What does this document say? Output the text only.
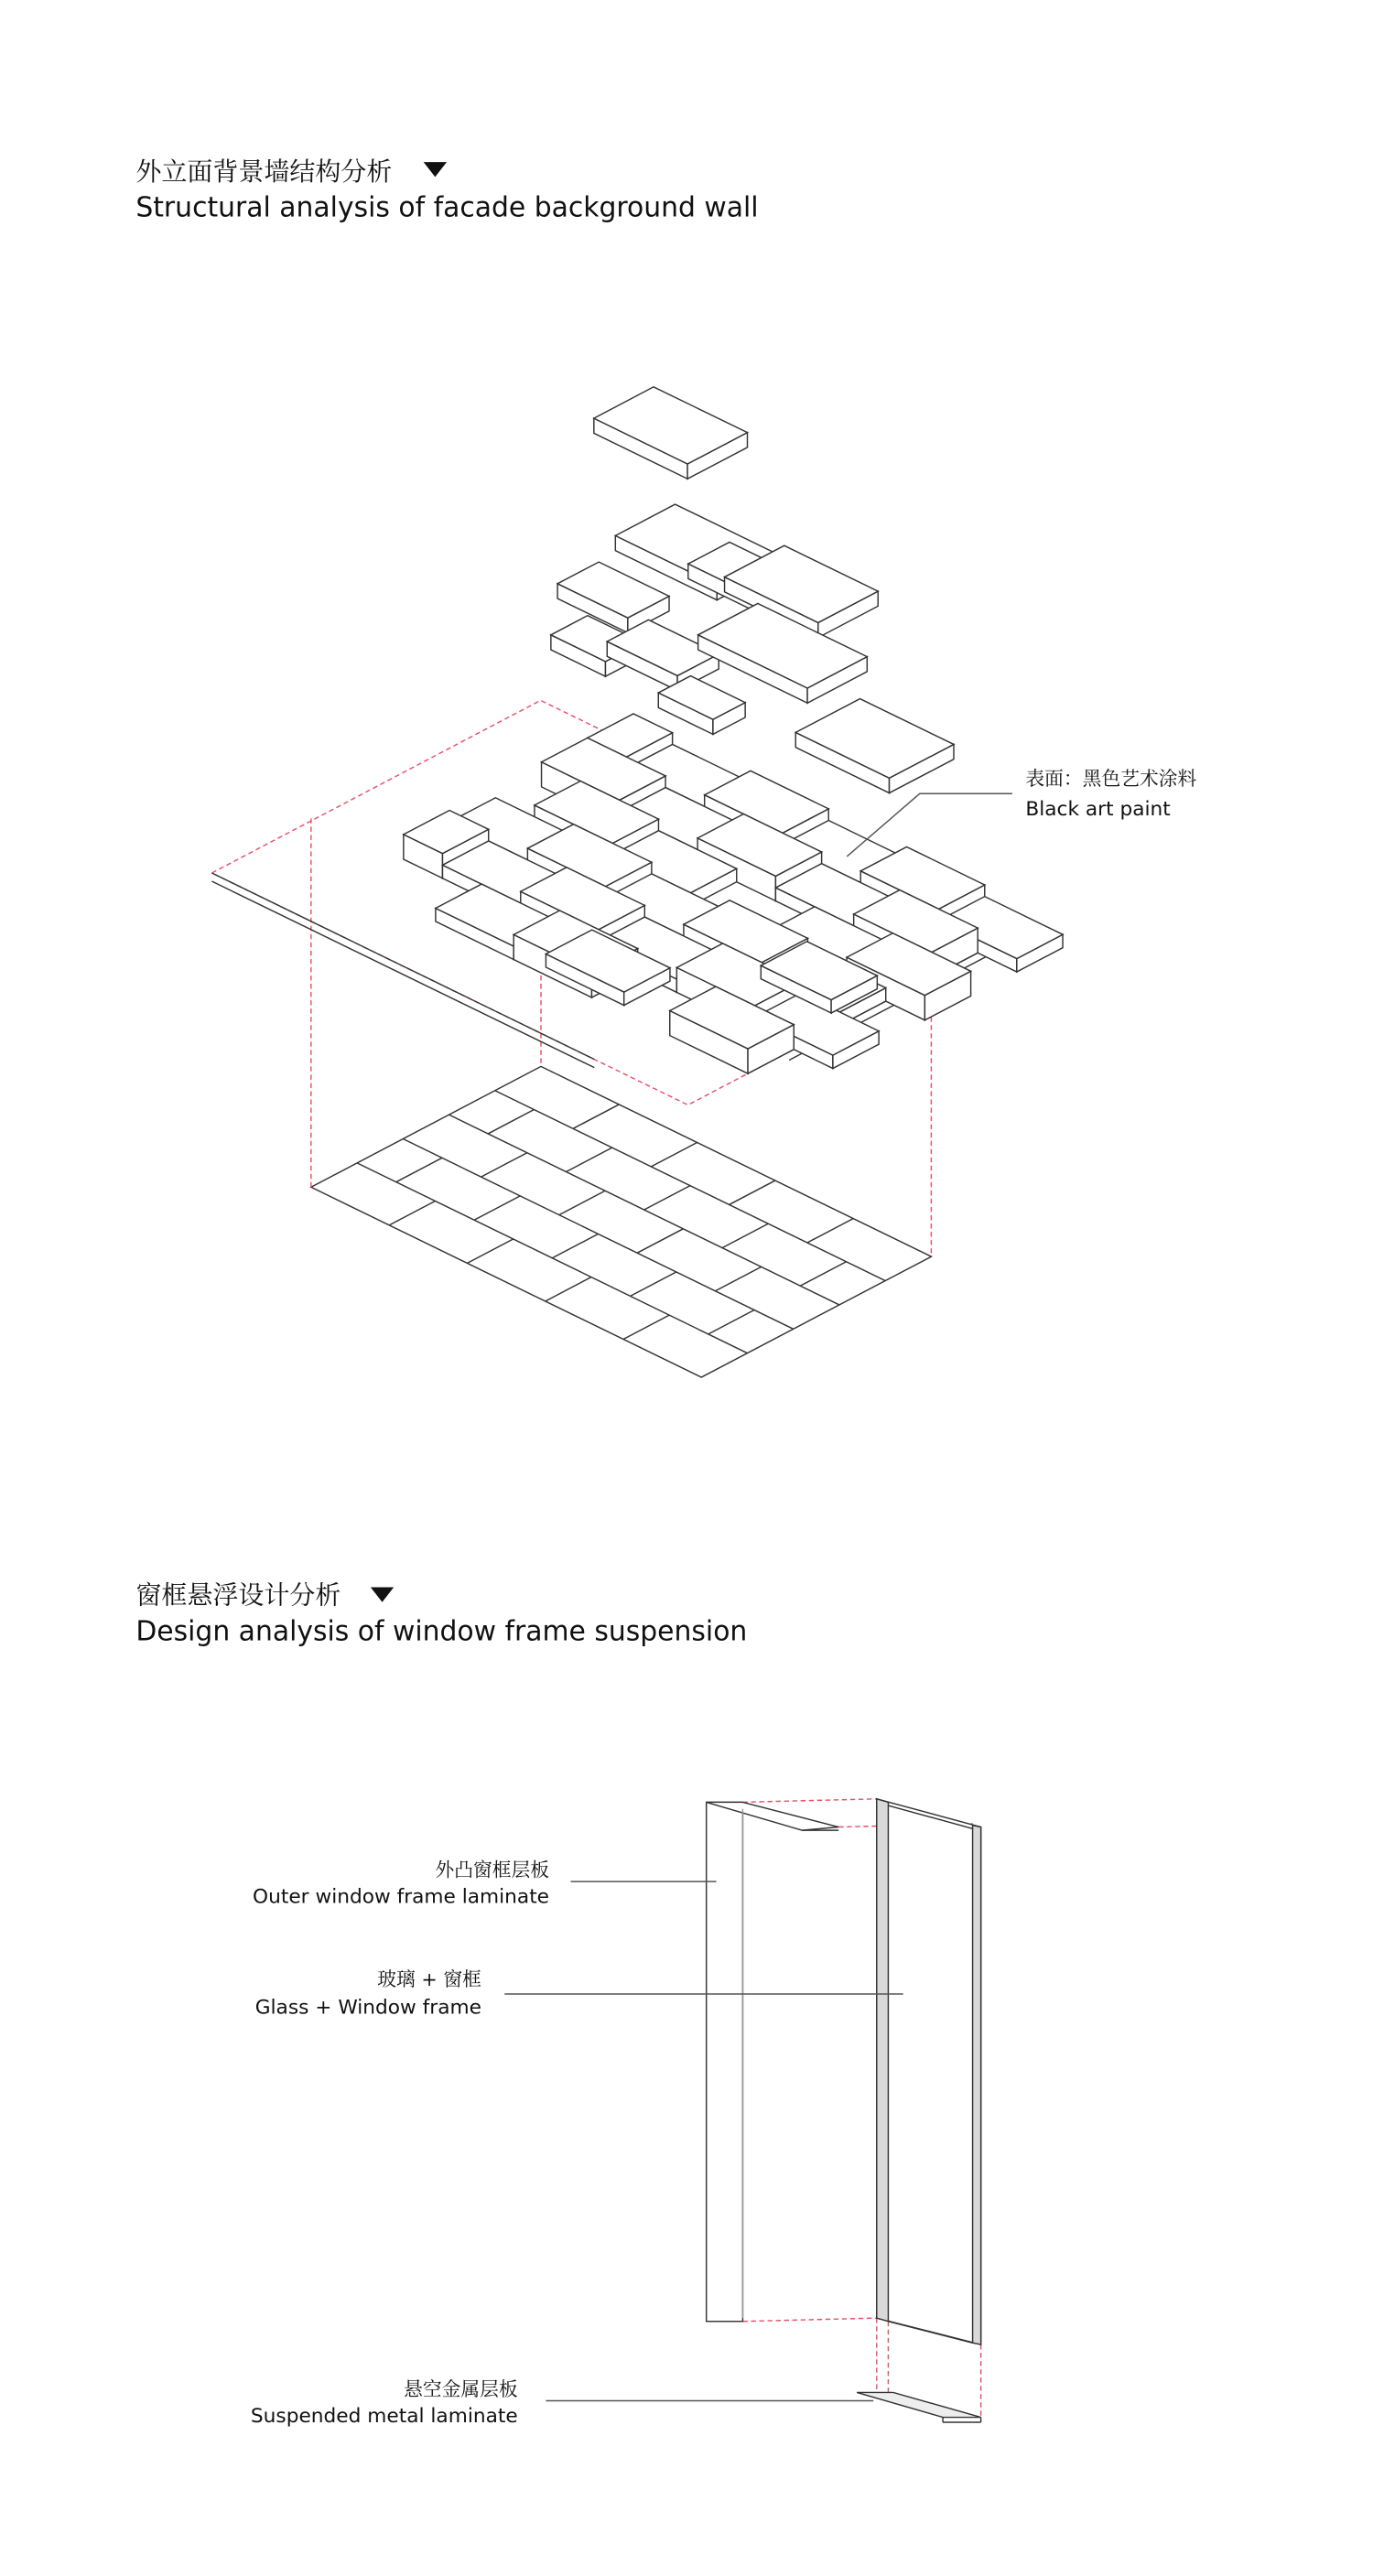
外立面背景墙结构分析
Structural analysis of facade background wall
表面：黑色艺术涂料
Black art paint
窗框悬浮设计分析
Design analysis of window frame suspension
外凸窗框层板
Outer window frame laminate
玻璃 + 窗框
Glass + Window frame
悬空金属层板
Suspended metal laminate
